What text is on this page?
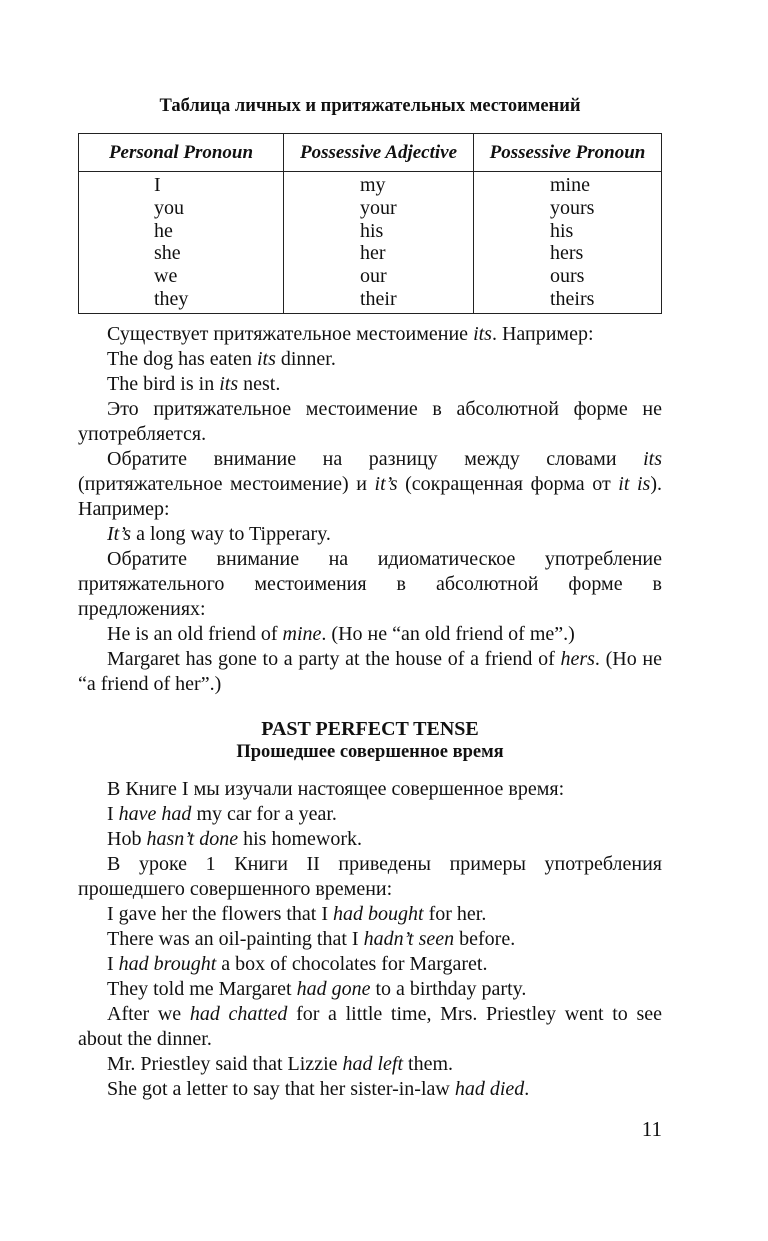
Таблица личных и притяжательных местоимений
Personal Pronoun	Possessive Adjective	Possessive Pronoun
I	my	mine
you	your	yours
he	his	his
she	her	hers
we	our	ours
they	their	theirs

Существует притяжательное местоимение its. Например:

The dog has eaten its dinner.

The bird is in its nest.

Это притяжательное местоимение в абсолютной форме не употребляется.

Обратите внимание на разницу между словами its (притяжательное местоимение) и it’s (сокращенная форма от it is). Например:

It’s a long way to Tipperary.

Обратите внимание на идиоматическое употребление притяжательного местоимения в абсолютной форме в предложениях:

He is an old friend of mine. (Но не “an old friend of me”.)

Margaret has gone to a party at the house of a friend of hers. (Но не “a friend of her”.)

PAST PERFECT TENSE
Прошедшее совершенное время

В Книге I мы изучали настоящее совершенное время:

I have had my car for a year.

Hob hasn’t done his homework.

В уроке 1 Книги II приведены примеры употребления прошедшего совершенного времени:

I gave her the flowers that I had bought for her.

There was an oil-painting that I hadn’t seen before.

I had brought a box of chocolates for Margaret.

They told me Margaret had gone to a birthday party.

After we had chatted for a little time, Mrs. Priestley went to see about the dinner.

Mr. Priestley said that Lizzie had left them.

She got a letter to say that her sister-in-law had died.

11
